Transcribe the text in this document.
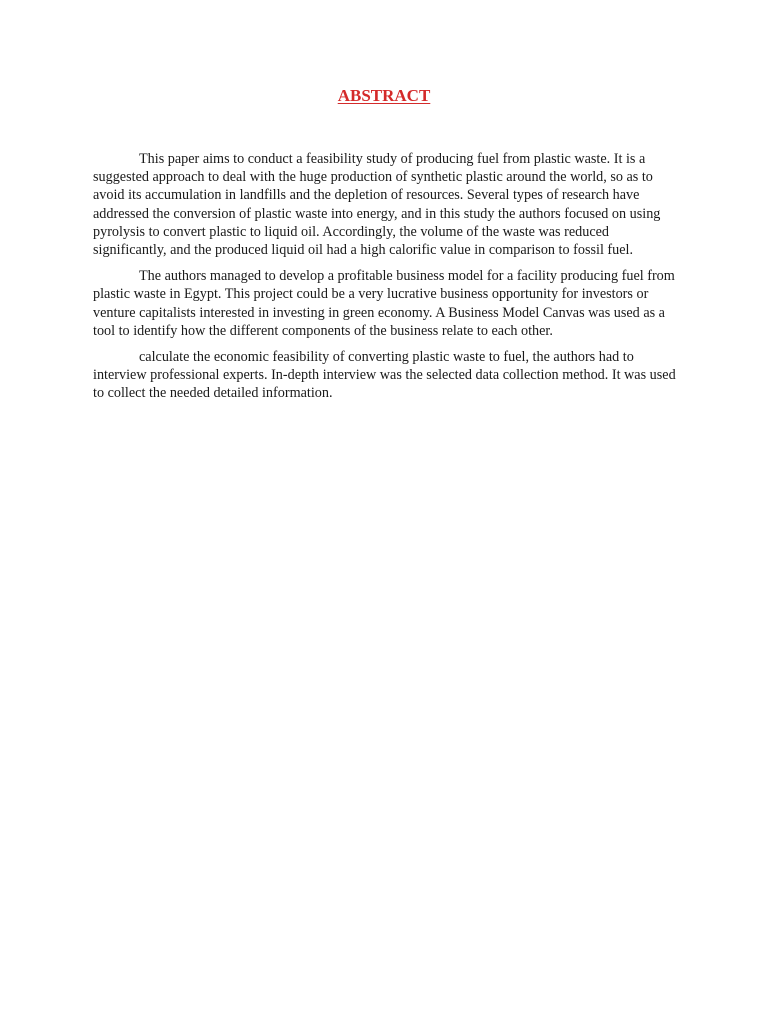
ABSTRACT

This paper aims to conduct a feasibility study of producing fuel from plastic waste. It is a suggested approach to deal with the huge production of synthetic plastic around the world, so as to avoid its accumulation in landfills and the depletion of resources. Several types of research have addressed the conversion of plastic waste into energy, and in this study the authors focused on using pyrolysis to convert plastic to liquid oil. Accordingly, the volume of the waste was reduced significantly, and the produced liquid oil had a high calorific value in comparison to fossil fuel.

The authors managed to develop a profitable business model for a facility producing fuel from plastic waste in Egypt. This project could be a very lucrative business opportunity for investors or venture capitalists interested in investing in green economy. A Business Model Canvas was used as a tool to identify how the different components of the business relate to each other.

calculate the economic feasibility of converting plastic waste to fuel, the authors had to interview professional experts. In-depth interview was the selected data collection method. It was used to collect the needed detailed information.
